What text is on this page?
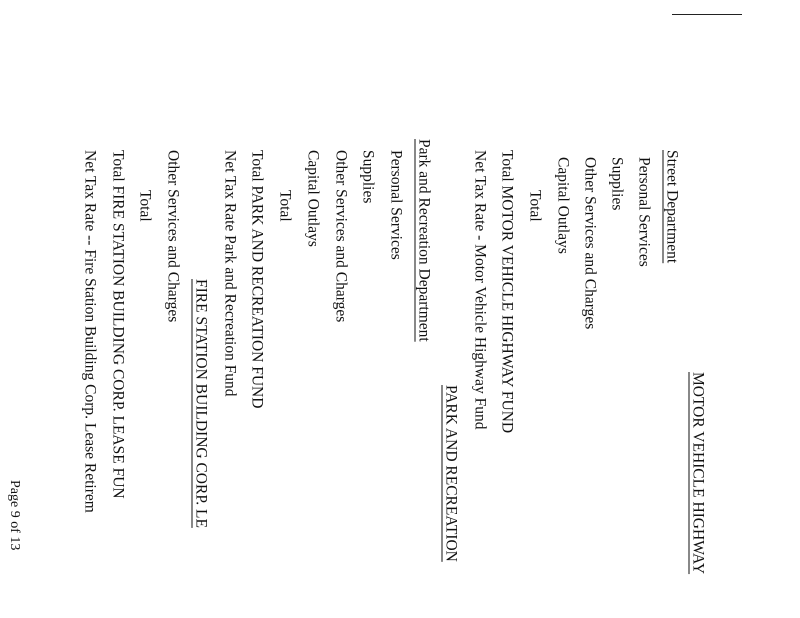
MOTOR VEHICLE HIGHWAY
Street Department
Personal Services
Supplies
Other Services and Charges
Capital Outlays
Total
Total MOTOR VEHICLE HIGHWAY FUND
Net Tax Rate - Motor Vehicle Highway Fund
PARK AND RECREATION
Park and Recreation Department
Personal Services
Supplies
Other Services and Charges
Capital Outlays
Total
Total PARK AND RECREATION FUND
Net Tax Rate Park and Recreation Fund
FIRE STATION BUILDING CORP. LE
Other Services and Charges
Total
Total FIRE STATION BUILDING CORP. LEASE FUN
Net Tax Rate -- Fire Station Building Corp. Lease Retirem
Page 9 of 13
